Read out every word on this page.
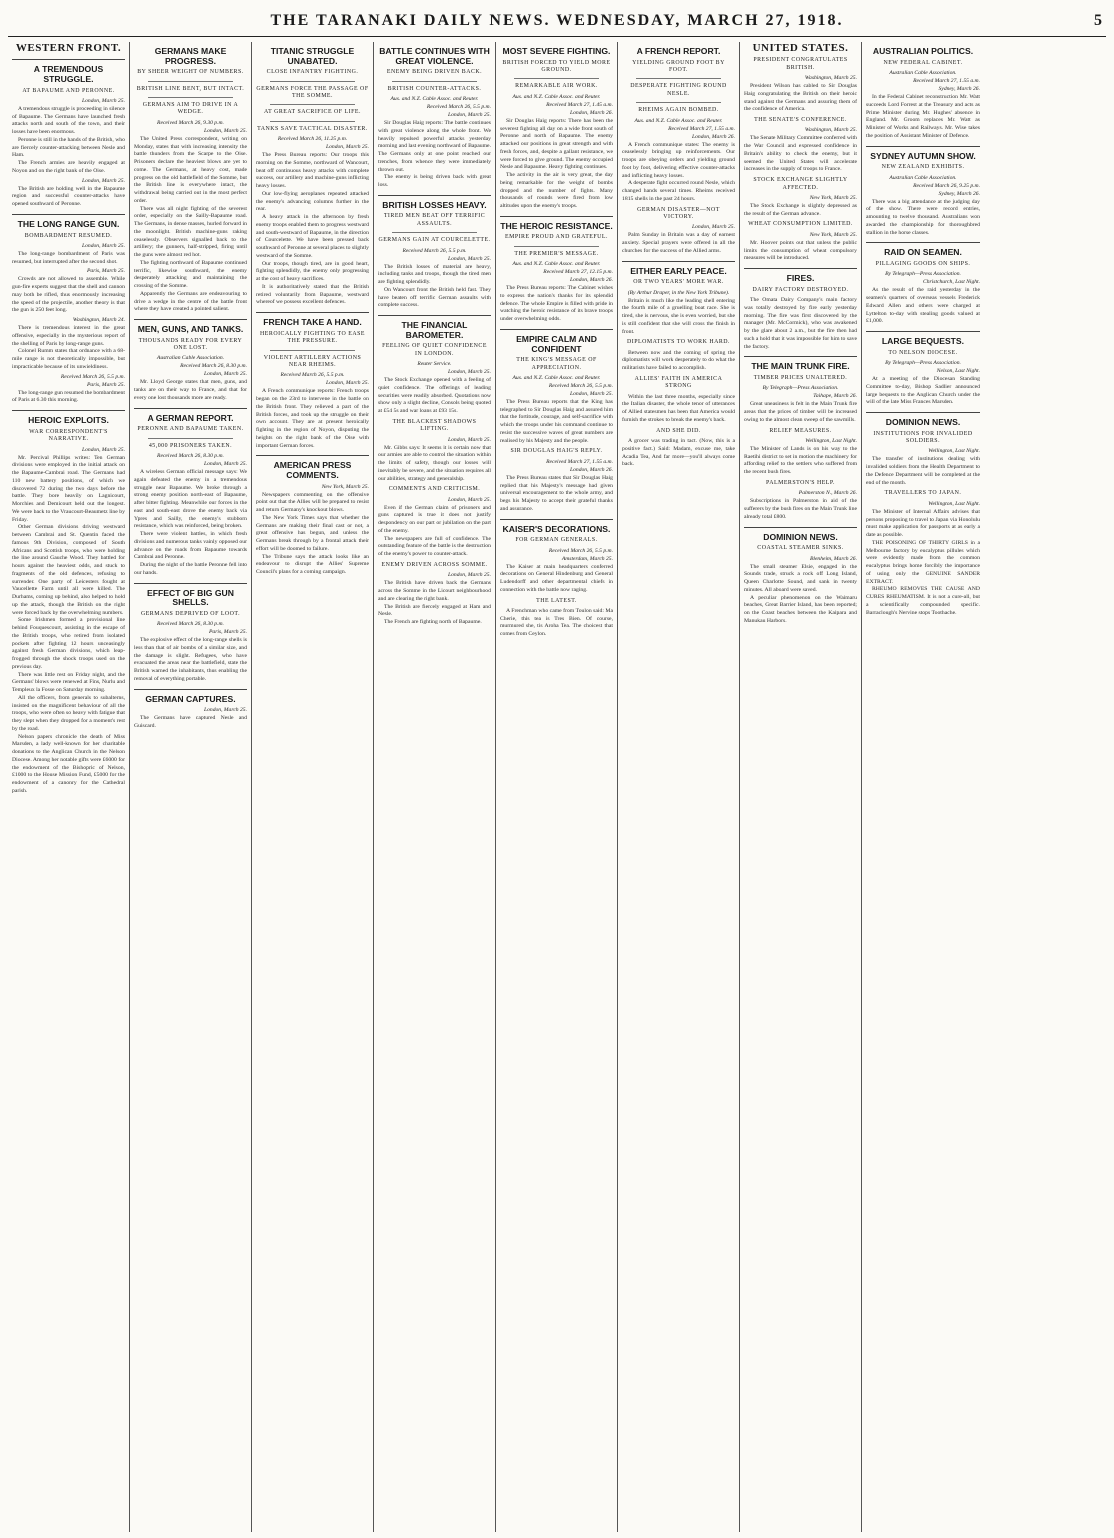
THE TARANAKI DAILY NEWS. WEDNESDAY, MARCH 27, 1918.	5
WESTERN FRONT.
A TREMENDOUS STRUGGLE.
AT BAPAUME AND PERONNE.
London, March 25.

A tremendous struggle is proceeding in silence of Bapaume. The Germans have launched fresh attacks north and south of the town, and their losses have been enormous.

Peronne is still in the hands of the British, who are fiercely counter-attacking between Nesle and Ham.

The French armies are heavily engaged at Noyon and on the right bank of the Oise.

London, March 25.

The British are holding well in the Bapaume region and successful counter-attacks have opened southward of Peronne.

THE LONG RANGE GUN.
BOMBARDMENT RESUMED.
London, March 25.

The long-range bombardment of Paris was resumed, but interrupted after the second shot.

Paris, March 25.

Crowds are not allowed to assemble. While gun-fire experts suggest that the shell and cannon may both be rifled, thus enormously increasing the speed of the projectile, another theory is that the gun is 250 feet long.

Washington, March 24.

There is tremendous interest in the great offensive, especially in the mysterious report of the shelling of Paris by long-range guns.

Colonel Rumm states that ordnance with a 68-mile range is not theoretically impossible, but impracticable because of its unwieldiness.

Received March 26, 5.5 p.m.
Paris, March 25.

The long-range gun resumed the bombardment of Paris at 6.30 this morning.

HEROIC EXPLOITS.
WAR CORRESPONDENT'S NARRATIVE.
London, March 25.

Mr. Percival Phillips writes: Ten German divisions were employed in the initial attack on the Bapaume-Cambrai road. The Germans had 110 new battery positions, of which we discovered 72 during the two days before the battle. They bore heavily on Lagnicourt, Morchies and Demicourt held out the longest. We were back to the Vraucourt-Beaumetz line by Friday.

Other German divisions driving westward between Cambrai and St. Quentin faced the famous 9th Division, composed of South Africans and Scottish troops, who were holding the line around Gauche Wood. They battled for hours against the heaviest odds, and stuck to fragments of the old defences, refusing to surrender. One party of Leicesters fought at Vaucellette Farm until all were killed. The Durhams, coming up behind, also helped to hold up the attack, though the British on the right were forced back by the overwhelming numbers.

Some Irishmen formed a provisional line behind Fouquescourt, assisting in the escape of the British troops, who retired from isolated pockets after fighting 12 hours unceasingly against fresh German divisions, which leap-frogged through the shock troops used on the previous day.

There was little rest on Friday night, and the Germans' blows were renewed at Fins, Nurlu and Templeux la Fosse on Saturday morning.

All the officers, from generals to subalterns, insisted on the magnificent behaviour of all the troops, who were often so heavy with fatigue that they slept when they dropped for a moment's rest by the road.

Nelson papers chronicle the death of Miss Marsden, a lady well-known for her charitable donations to the Anglican Church in the Nelson Diocese. Among her notable gifts were £6000 for the endowment of the Bishopric of Nelson, £1000 to the House Mission Fund, £5000 for the endowment of a canonry for the Cathedral parish.

GERMANS MAKE PROGRESS.
BY SHEER WEIGHT OF NUMBERS.
BRITISH LINE BENT, BUT INTACT.
GERMANS AIM TO DRIVE IN A WEDGE.
Received March 26, 9.30 p.m.
London, March 25.

The United Press correspondent, writing on Monday, states that with increasing intensity the battle thunders from the Scarpe to the Oise. Prisoners declare the heaviest blows are yet to come. The Germans, at heavy cost, made progress on the old battlefield of the Somme, but the British line is everywhere intact, the withdrawal being carried out in the most perfect order.

There was all night fighting of the severest order, especially on the Sailly-Bapaume road. The Germans, in dense masses, hurled forward in the moonlight. British machine-guns raking ceaselessly. Observers signalled back to the artillery; the gunners, half-stripped, firing until the guns were almost red hot.

The fighting northward of Bapaume continued terrific, likewise southward, the enemy desperately attacking and maintaining the crossing of the Somme.

Apparently the Germans are endeavouring to drive a wedge in the centre of the battle front where they have created a pointed salient.

MEN, GUNS, AND TANKS.
THOUSANDS READY FOR EVERY ONE LOST.
Australian Cable Association.
Received March 26, 8.30 p.m.
London, March 25.

Mr. Lloyd George states that men, guns, and tanks are on their way to France, and that for every one lost thousands more are ready.

A GERMAN REPORT.
PERONNE AND BAPAUME TAKEN.
45,000 PRISONERS TAKEN.
Received March 26, 8.30 p.m.
London, March 25.

A wireless German official message says: We again defeated the enemy in a tremendous struggle near Bapaume. We broke through a strong enemy position north-east of Bapaume, after bitter fighting. Meanwhile our forces in the east and south-east drove the enemy back via Ypres and Sailly, the enemy's stubborn resistance, which was reinforced, being broken.

There were violent battles, in which fresh divisions and numerous tanks vainly opposed our advance on the roads from Bapaume towards Cambrai and Peronne.

During the night of the battle Peronne fell into our hands.

EFFECT OF BIG GUN SHELLS.
GERMANS DEPRIVED OF LOOT.
Received March 26, 8.30 p.m.
Paris, March 25.

The explosive effect of the long-range shells is less than that of air bombs of a similar size, and the damage is slight. Refugees, who have evacuated the areas near the battlefield, state the British warned the inhabitants, thus enabling the removal of everything portable.

GERMAN CAPTURES.
London, March 25.

The Germans have captured Nesle and Guiscard.

TITANIC STRUGGLE UNABATED.
CLOSE INFANTRY FIGHTING.
GERMANS FORCE THE PASSAGE OF THE SOMME.
AT GREAT SACRIFICE OF LIFE.
TANKS SAVE TACTICAL DISASTER.
Received March 26, 11.25 p.m.
London, March 25.

The Press Bureau reports: Our troops this morning on the Somme, northward of Wancourt, beat off continuous heavy attacks with complete success, our artillery and machine-guns inflicting heavy losses.

Our low-flying aeroplanes repeated attacked the enemy's advancing columns further in the rear.

A heavy attack in the afternoon by fresh enemy troops enabled them to progress westward and south-westward of Bapaume, in the direction of Courcelette. We have been pressed back southward of Peronne at several places to slightly westward of the Somme.

Our troops, though tired, are in good heart, fighting splendidly, the enemy only progressing at the cost of heavy sacrifices.

It is authoritatively stated that the British retired voluntarily from Bapaume, westward whereof we possess excellent defences.

FRENCH TAKE A HAND.
HEROICALLY FIGHTING TO EASE THE PRESSURE.
VIOLENT ARTILLERY ACTIONS NEAR RHEIMS.
Received March 26, 5.5 p.m.
London, March 25.

A French communique reports: French troops began on the 23rd to intervene in the battle on the British front. They relieved a part of the British forces, and took up the struggle on their own account. They are at present heroically fighting in the region of Noyon, disputing the heights on the right bank of the Oise with important German forces.

AMERICAN PRESS COMMENTS.
New York, March 25.

Newspapers commenting on the offensive point out that the Allies will be prepared to resist and return Germany's knockout blows.

The New York Times says that whether the Germans are making their final cast or not, a great offensive has begun, and unless the Germans break through by a frontal attack their effort will be doomed to failure.

The Tribune says the attack looks like an endeavour to disrupt the Allies' Supreme Council's plans for a coming campaign.

BATTLE CONTINUES WITH GREAT VIOLENCE.
ENEMY BEING DRIVEN BACK.
BRITISH COUNTER-ATTACKS.
Aus. and N.Z. Cable Assoc. and Reuter.
Received March 26, 5.5 p.m.
London, March 25.

Sir Douglas Haig reports: The battle continues with great violence along the whole front. We heavily repulsed powerful attacks yesterday morning and last evening northward of Bapaume. The Germans only at one point reached our trenches, from whence they were immediately thrown out.

The enemy is being driven back with great loss.

BRITISH LOSSES HEAVY.
TIRED MEN BEAT OFF TERRIFIC ASSAULTS.
GERMANS GAIN AT COURCELETTE.
Received March 26, 5.5 p.m.
London, March 25.

The British losses of material are heavy, including tanks and troops, though the tired men are fighting splendidly.

On Wancourt front the British held fast. They have beaten off terrific German assaults with complete success.

THE FINANCIAL BAROMETER.
FEELING OF QUIET CONFIDENCE IN LONDON.
Reuter Service.
London, March 25.

The Stock Exchange opened with a feeling of quiet confidence. The offerings of leading securities were readily absorbed. Quotations now show only a slight decline, Consols being quoted at £54 5s and war loans at £93 15s.

THE BLACKEST SHADOWS LIFTING.
London, March 25.

Mr. Gibbs says: It seems it is certain now that our armies are able to control the situation within the limits of safety, though our losses will inevitably be severe, and the situation requires all our abilities, strategy and generalship.

COMMENTS AND CRITICISM.
London, March 25.

Even if the German claim of prisoners and guns captured is true it does not justify despondency on our part or jubilation on the part of the enemy.

The newspapers are full of confidence. The outstanding feature of the battle is the destruction of the enemy's power to counter-attack.

ENEMY DRIVEN ACROSS SOMME.
London, March 25.

The British have driven back the Germans across the Somme in the Licourt neighbourhood and are clearing the right bank.

The British are fiercely engaged at Ham and Nesle.

The French are fighting north of Bapaume.

MOST SEVERE FIGHTING.
BRITISH FORCED TO YIELD MORE GROUND.
REMARKABLE AIR WORK.
Aus. and N.Z. Cable Assoc. and Reuter.
Received March 27, 1.45 a.m.
London, March 26.

Sir Douglas Haig reports: There has been the severest fighting all day on a wide front south of Peronne and north of Bapaume. The enemy attacked our positions in great strength and with fresh forces, and, despite a gallant resistance, we were forced to give ground. The enemy occupied Nesle and Bapaume. Heavy fighting continues.

The activity in the air is very great, the day being remarkable for the weight of bombs dropped and the number of fights. Many thousands of rounds were fired from low altitudes upon the enemy's troops.

THE HEROIC RESISTANCE.
EMPIRE PROUD AND GRATEFUL.
THE PREMIER'S MESSAGE.
Aus. and N.Z. Cable Assoc. and Reuter.
Received March 27, 12.15 p.m.
London, March 26.

The Press Bureau reports: The Cabinet wishes to express the nation's thanks for its splendid defence. The whole Empire is filled with pride in watching the heroic resistance of its brave troops under overwhelming odds.

EMPIRE CALM AND CONFIDENT
THE KING'S MESSAGE OF APPRECIATION.
Aus. and N.Z. Cable Assoc. and Reuter.
Received March 26, 5.5 p.m.
London, March 25.

The Press Bureau reports that the King has telegraphed to Sir Douglas Haig and assured him that the fortitude, courage, and self-sacrifice with which the troops under his command continue to resist the successive waves of great numbers are realised by his Majesty and the people.

SIR DOUGLAS HAIG'S REPLY.
Received March 27, 1.55 a.m.
London, March 26.

The Press Bureau states that Sir Douglas Haig replied that his Majesty's message had given universal encouragement to the whole army, and begs his Majesty to accept their grateful thanks and assurance.

KAISER'S DECORATIONS.
FOR GERMAN GENERALS.
Received March 26, 5.5 p.m.
Amsterdam, March 25.

The Kaiser at main headquarters conferred decorations on General Hindenburg and General Ludendorff and other departmental chiefs in connection with the battle now raging.

THE LATEST.

A Frenchman who came from Toulon said: Ma Cherie, this tea is Tres Bien. Of course, murmured she, tis Aroha Tea. The choicest that comes from Ceylon.

A FRENCH REPORT.
YIELDING GROUND FOOT BY FOOT.
DESPERATE FIGHTING ROUND NESLE.
RHEIMS AGAIN BOMBED.
Aus. and N.Z. Cable Assoc. and Reuter.
Received March 27, 1.55 a.m.
London, March 26.

A French communique states: The enemy is ceaselessly bringing up reinforcements. Our troops are obeying orders and yielding ground foot by foot, delivering effective counter-attacks and inflicting heavy losses.

A desperate fight occurred round Nesle, which changed hands several times. Rheims received 1815 shells in the past 24 hours.

GERMAN DISASTER—NOT VICTORY.
London, March 25.

Palm Sunday in Britain was a day of earnest anxiety. Special prayers were offered in all the churches for the success of the Allied arms.

EITHER EARLY PEACE.
OR TWO YEARS' MORE WAR.
(By Arthur Draper, in the New York Tribune).

Britain is much like the leading shell entering the fourth mile of a gruelling boat race. She is tired, she is nervous, she is even worried, but she is still confident that she will cross the finish in front.

DIPLOMATISTS TO WORK HARD.

Between now and the coming of spring the diplomatists will work desperately to do what the militarists have failed to accomplish.

ALLIES' FAITH IN AMERICA STRONG

Within the last three months, especially since the Italian disaster, the whole tenor of utterances of Allied statesmen has been that America would furnish the strokes to break the enemy's back.

AND SHE DID.

A grocer was trading in tact. (Now, this is a positive fact.) Said: Madam, excuse me, take Acadia Tea, And far more—you'll always come back.

UNITED STATES.
PRESIDENT CONGRATULATES BRITISH.
Washington, March 25.

President Wilson has cabled to Sir Douglas Haig congratulating the British on their heroic stand against the Germans and assuring them of the confidence of America.

THE SENATE'S CONFERENCE.
Washington, March 25.

The Senate Military Committee conferred with the War Council and expressed confidence in Britain's ability to check the enemy, but it seemed the United States will accelerate increases in the supply of troops to France.

STOCK EXCHANGE SLIGHTLY AFFECTED.
New York, March 25.

The Stock Exchange is slightly depressed as the result of the German advance.

WHEAT CONSUMPTION LIMITED.
New York, March 25.

Mr. Hoover points out that unless the public limits the consumption of wheat compulsory measures will be introduced.

FIRES.
DAIRY FACTORY DESTROYED.

The Omata Dairy Company's main factory was totally destroyed by fire early yesterday morning. The fire was first discovered by the manager (Mr. McCormick), who was awakened by the glare about 2 a.m., but the fire then had such a hold that it was impossible for him to save the factory.

THE MAIN TRUNK FIRE.
TIMBER PRICES UNALTERED.
By Telegraph—Press Association.
Taihape, March 26.

Great uneasiness is felt in the Main Trunk fire areas that the prices of timber will be increased owing to the almost clean sweep of the sawmills.

RELIEF MEASURES.
Wellington, Last Night.

The Minister of Lands is on his way to the Raetihi district to set in motion the machinery for affording relief to the settlers who suffered from the recent bush fires.

PALMERSTON'S HELP.
Palmerston N., March 26.

Subscriptions in Palmerston in aid of the sufferers by the bush fires on the Main Trunk line already total £800.

DOMINION NEWS.
COASTAL STEAMER SINKS.
Blenheim, March 26.

The small steamer Elsie, engaged in the Sounds trade, struck a rock off Long Island, Queen Charlotte Sound, and sank in twenty minutes. All aboard were saved.

A peculiar phenomenon on the Waimaru beaches, Great Barrier Island, has been reported; on the Coast beaches between the Kaipara and Manukau Harbors.

AUSTRALIAN POLITICS.
NEW FEDERAL CABINET.
Australian Cable Association.
Received March 27, 1.55 a.m.
Sydney, March 26.

In the Federal Cabinet reconstruction Mr. Watt succeeds Lord Forrest at the Treasury and acts as Prime Minister during Mr. Hughes' absence in England. Mr. Groom replaces Mr. Watt as Minister of Works and Railways. Mr. Wise takes the position of Assistant Minister of Defence.

SYDNEY AUTUMN SHOW.
NEW ZEALAND EXHIBITS.
Australian Cable Association.
Received March 26, 9.25 p.m.
Sydney, March 26.

There was a big attendance at the judging day of the show. There were record entries, amounting to twelve thousand. Australians won awarded the championship for thoroughbred stallion in the horse classes.

RAID ON SEAMEN.
PILLAGING GOODS ON SHIPS.
By Telegraph—Press Association.
Christchurch, Last Night.

As the result of the raid yesterday in the seamen's quarters of overseas vessels Frederick Edward Allen and others were charged at Lyttelton to-day with stealing goods valued at £1,000.

LARGE BEQUESTS.
TO NELSON DIOCESE.
By Telegraph—Press Association.
Nelson, Last Night.

At a meeting of the Diocesan Standing Committee to-day, Bishop Sadlier announced large bequests to the Anglican Church under the will of the late Miss Frances Marsden.

DOMINION NEWS.
INSTITUTIONS FOR INVALIDED SOLDIERS.
Wellington, Last Night.

The transfer of institutions dealing with invalided soldiers from the Health Department to the Defence Department will be completed at the end of the month.

TRAVELLERS TO JAPAN.
Wellington, Last Night.

The Minister of Internal Affairs advises that persons proposing to travel to Japan via Honolulu must make application for passports at as early a date as possible.

THE POISONING OF THIRTY GIRLS in a Melbourne factory by eucalyptus pillules which were evidently made from the common eucalyptus brings home forcibly the importance of using only the GENUINE SANDER EXTRACT.

RHEUMO REMOVES THE CAUSE AND CURES RHEUMATISM. It is not a cure-all, but a scientifically compounded specific. Barraclough's Nervine stops Toothache.
